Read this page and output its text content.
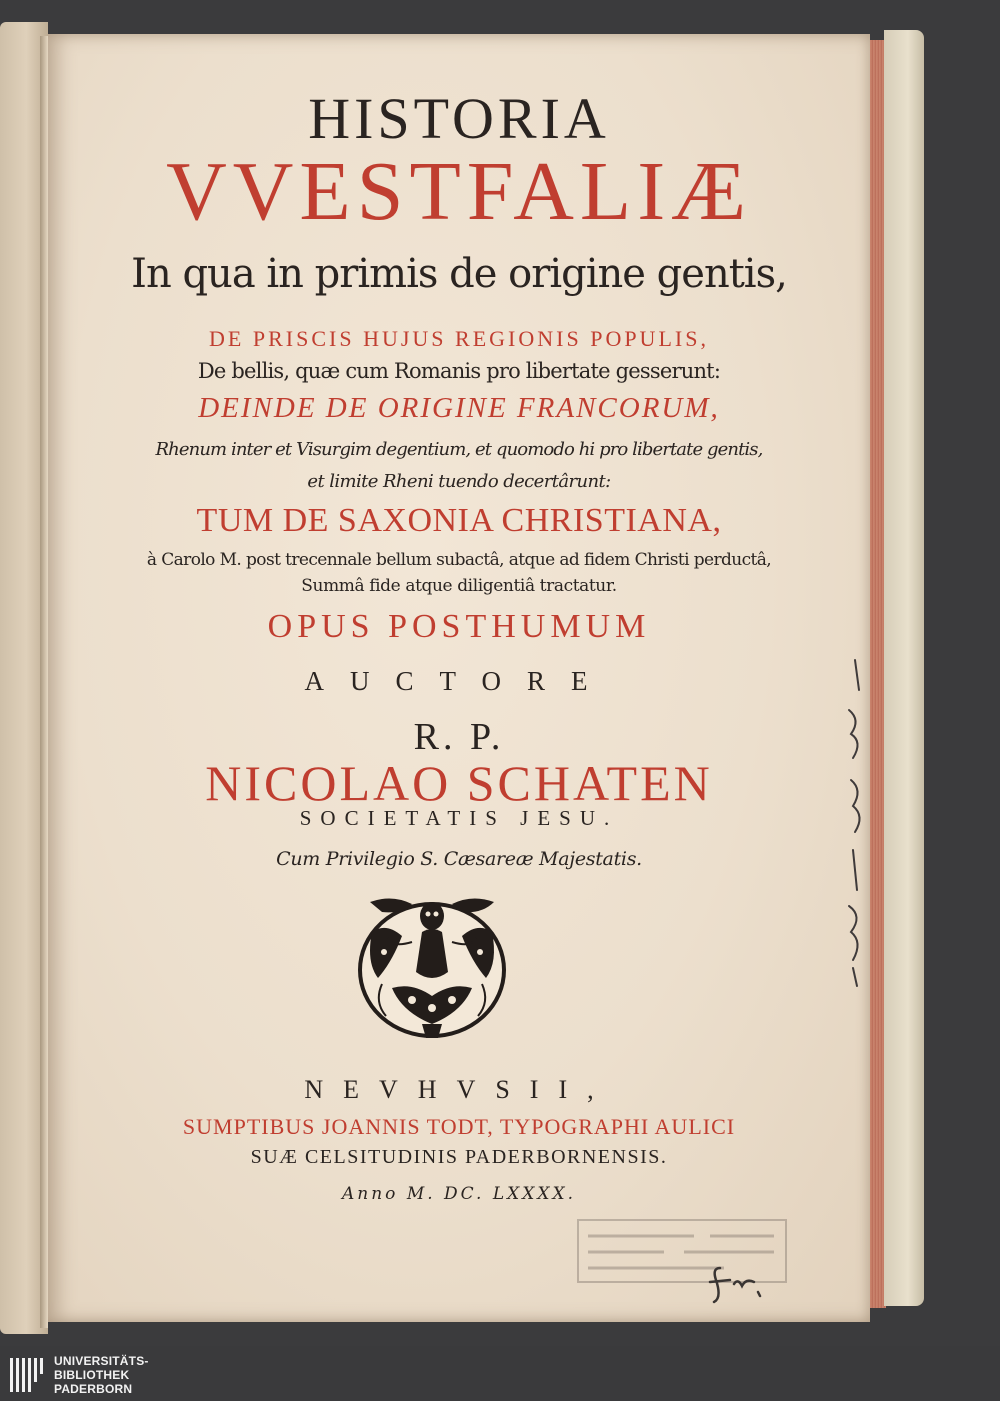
HISTORIA
VVESTFALIÆ
In qua in primis de origine gentis,
DE PRISCIS HUJUS REGIONIS POPULIS,
De bellis, quæ cum Romanis pro libertate gesserunt:
DEINDE DE ORIGINE FRANCORUM,
Rhenum inter et Visurgim degentium, et quomodo hi pro libertate gentis,
et limite Rheni tuendo decertârunt:
TUM DE SAXONIA CHRISTIANA,
à Carolo M. post trecennale bellum subactâ, atque ad fidem Christi perductâ,
Summâ fide atque diligentiâ tractatur.
OPUS POSTHUMUM
AUCTORE
R. P.
NICOLAO SCHATEN
SOCIETATIS JESU.
Cum Privilegio S. Cæsareæ Majestatis.
NEVHVSII,
SUMPTIBUS JOANNIS TODT, TYPOGRAPHI AULICI
SUÆ CELSITUDINIS PADERBORNENSIS.
Anno M. DC. LXXXX.
UNIVERSITÄTS-
BIBLIOTHEK
PADERBORN
